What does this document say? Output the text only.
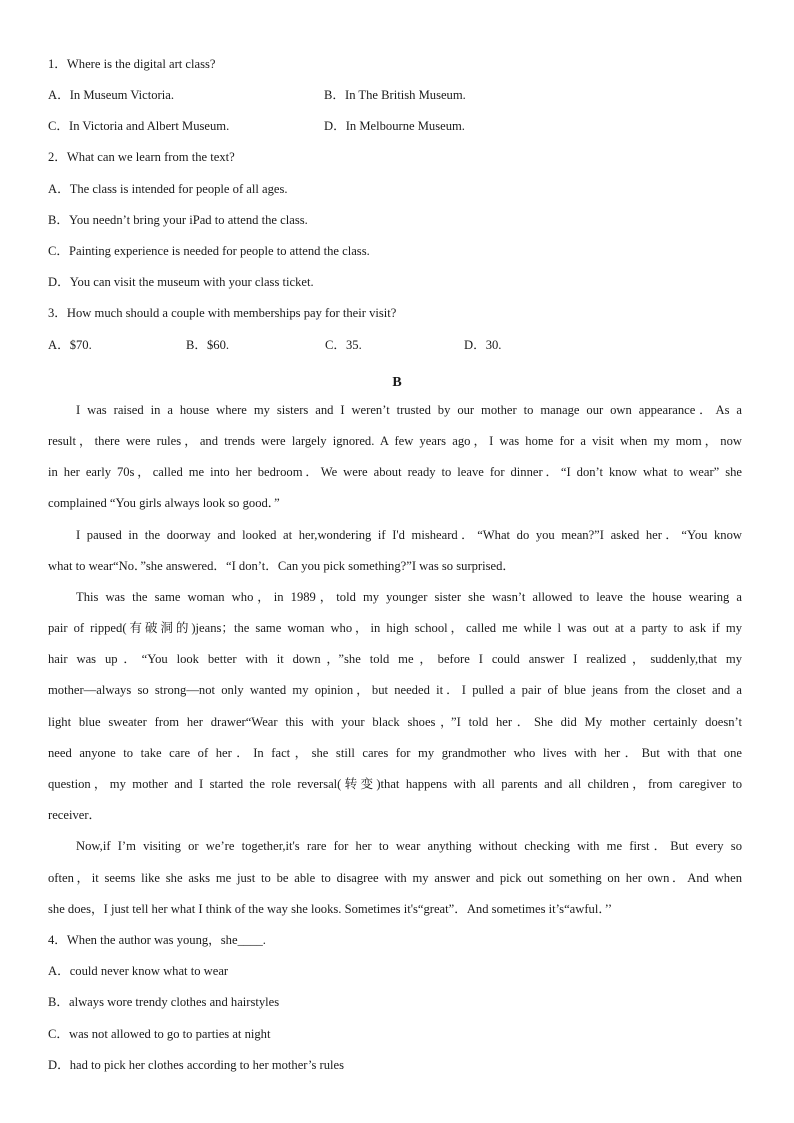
1．Where is the digital art class?
A．In Museum Victoria.	B．In The British Museum.
C．In Victoria and Albert Museum.	D．In Melbourne Museum.
2．What can we learn from the text?
A．The class is intended for people of all ages.
B．You needn’t bring your iPad to attend the class.
C．Painting experience is needed for people to attend the class.
D．You can visit the museum with your class ticket.
3．How much should a couple with memberships pay for their visit?
A．$70.	B．$60.	C．35.	D．30.
B
I was raised in a house where my sisters and I weren’t trusted by our mother to manage our own appearance．As a
result，there were rules，and trends were largely ignored. A few years ago，I was home for a visit when my mom，now
in her early 70s，called me into her bedroom．We were about ready to leave for dinner．“I don’t know what to wear” she
complained “You girls always look so good．”
I paused in the doorway and looked at her,wondering if I'd misheard．“What do you mean?”I asked her．“You know
what to wear“No．”she answered．“I don’t．Can you pick something?”I was so surprised．
This was the same woman who，in 1989，told my younger sister she wasn’t allowed to leave the house wearing a
pair of ripped(有破洞的)jeans；the same woman who，in high school，called me while l was out at a party to ask if my
hair was up．“You look better with it down，”she told me，before I could answer I realized，suddenly,that my
mother—always so strong—not only wanted my opinion，but needed it．I pulled a pair of blue jeans from the closet and a
light blue sweater from her drawer“Wear this with your black shoes，”I told her．She did My mother certainly doesn’t
need anyone to take care of her．In fact，she still cares for my grandmother who lives with her．But with that one
question，my mother and I started the role reversal(转变)that happens with all parents and all children，from caregiver to
receiver．
Now,if I’m visiting or we’re together,it's rare for her to wear anything without checking with me first．But every so
often，it seems like she asks me just to be able to disagree with my answer and pick out something on her own．And when
she does，I just tell her what I think of the way she looks. Sometimes it's“great”．And sometimes it’s“awful．’’
4．When the author was young，she____.
A．could never know what to wear
B．always wore trendy clothes and hairstyles
C．was not allowed to go to parties at night
D．had to pick her clothes according to her mother’s rules
